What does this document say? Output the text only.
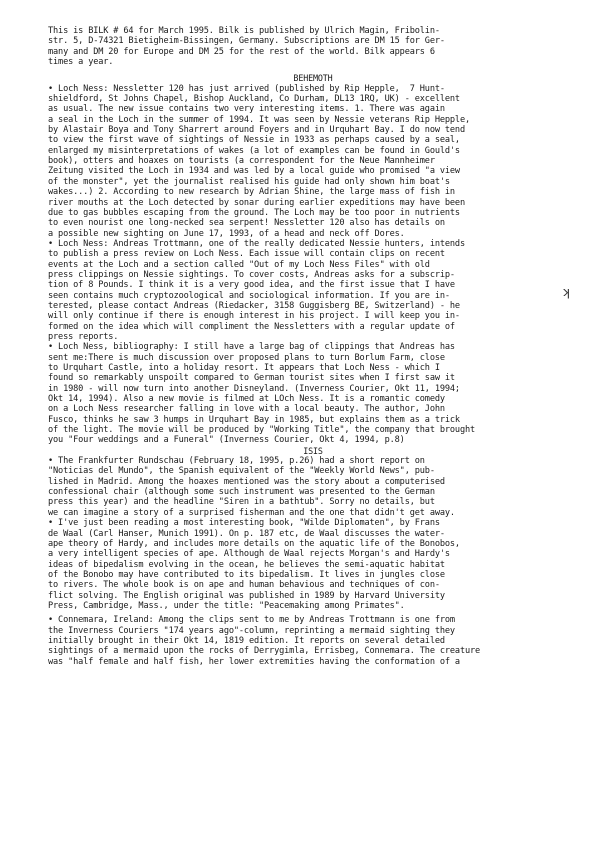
This is BILK # 64 for March 1995. Bilk is published by Ulrich Magin, Fribolin-
str. 5, D-74321 Bietigheim-Bissingen, Germany. Subscriptions are DM 15 for Ger-
many and DM 20 for Europe and DM 25 for the rest of the world. Bilk appears 6
times a year.
BEHEMOTH
• Loch Ness: Nessletter 120 has just arrived (published by Rip Hepple,  7 Hunt-
shieldford, St Johns Chapel, Bishop Auckland, Co Durham, DL13 1RQ, UK) - excellent
as usual. The new issue contains two very interesting items. 1. There was again
a seal in the Loch in the summer of 1994. It was seen by Nessie veterans Rip Hepple,
by Alastair Boya and Tony Sharrert around Foyers and in Urquhart Bay. I do now tend
to view the first wave of sightings of Nessie in 1933 as perhaps caused by a seal,
enlarged my misinterpretations of wakes (a lot of examples can be found in Gould's
book), otters and hoaxes on tourists (a correspondent for the Neue Mannheimer
Zeitung visited the Loch in 1934 and was led by a local guide who promised "a view
of the monster", yet the journalist realised his guide had only shown him boat's
wakes...) 2. According to new research by Adrian Shine, the large mass of fish in
river mouths at the Loch detected by sonar during earlier expeditions may have been
due to gas bubbles escaping from the ground. The Loch may be too poor in nutrients
to even nourist one long-necked sea serpent! Nessletter 120 also has details on
a possible new sighting on June 17, 1993, of a head and neck off Dores.
• Loch Ness: Andreas Trottmann, one of the really dedicated Nessie hunters, intends
to publish a press review on Loch Ness. Each issue will contain clips on recent
events at the Loch and a section called "Out of my Loch Ness Files" with old
press clippings on Nessie sightings. To cover costs, Andreas asks for a subscrip-
tion of 8 Pounds. I think it is a very good idea, and the first issue that I have
seen contains much cryptozoological and sociological information. If you are in-
terested, please contact Andreas (Riedacker, 3158 Guggisberg BE, Switzerland) - he
will only continue if there is enough interest in his project. I will keep you in-
formed on the idea which will compliment the Nessletters with a regular update of
press reports.
• Loch Ness, bibliography: I still have a large bag of clippings that Andreas has
sent me:There is much discussion over proposed plans to turn Borlum Farm, close
to Urquhart Castle, into a holiday resort. It appears that Loch Ness - which I
found so remarkably unspoilt compared to German tourist sites when I first saw it
in 1980 - will now turn into another Disneyland. (Inverness Courier, Okt 11, 1994;
Okt 14, 1994). Also a new movie is filmed at LOch Ness. It is a romantic comedy
on a Loch Ness researcher falling in love with a local beauty. The author, John
Fusco, thinks he saw 3 humps in Urquhart Bay in 1985, but explains them as a trick
of the light. The movie will be produced by "Working Title", the company that brought
you "Four weddings and a Funeral" (Inverness Courier, Okt 4, 1994, p.8)
ISIS
• The Frankfurter Rundschau (February 18, 1995, p.26) had a short report on
"Noticias del Mundo", the Spanish equivalent of the "Weekly World News", pub-
lished in Madrid. Among the hoaxes mentioned was the story about a computerised
confessional chair (although some such instrument was presented to the German
press this year) and the headline "Siren in a bathtub". Sorry no details, but
we can imagine a story of a surprised fisherman and the one that didn't get away.
• I've just been reading a most interesting book, "Wilde Diplomaten", by Frans
de Waal (Carl Hanser, Munich 1991). On p. 187 etc, de Waal discusses the water-
ape theory of Hardy, and includes more details on the aquatic life of the Bonobos,
a very intelligent species of ape. Although de Waal rejects Morgan's and Hardy's
ideas of bipedalism evolving in the ocean, he believes the semi-aquatic habitat
of the Bonobo may have contributed to its bipedalism. It lives in jungles close
to rivers. The whole book is on ape and human behavious and techniques of con-
flict solving. The English original was published in 1989 by Harvard University
Press, Cambridge, Mass., under the title: "Peacemaking among Primates".
• Connemara, Ireland: Among the clips sent to me by Andreas Trottmann is one from
the Inverness Couriers "174 years ago"-column, reprinting a mermaid sighting they
initially brought in their Okt 14, 1819 edition. It reports on several detailed
sightings of a mermaid upon the rocks of Derrygimla, Errisbeg, Connemara. The creature
was "half female and half fish, her lower extremities having the conformation of a
ʞ
